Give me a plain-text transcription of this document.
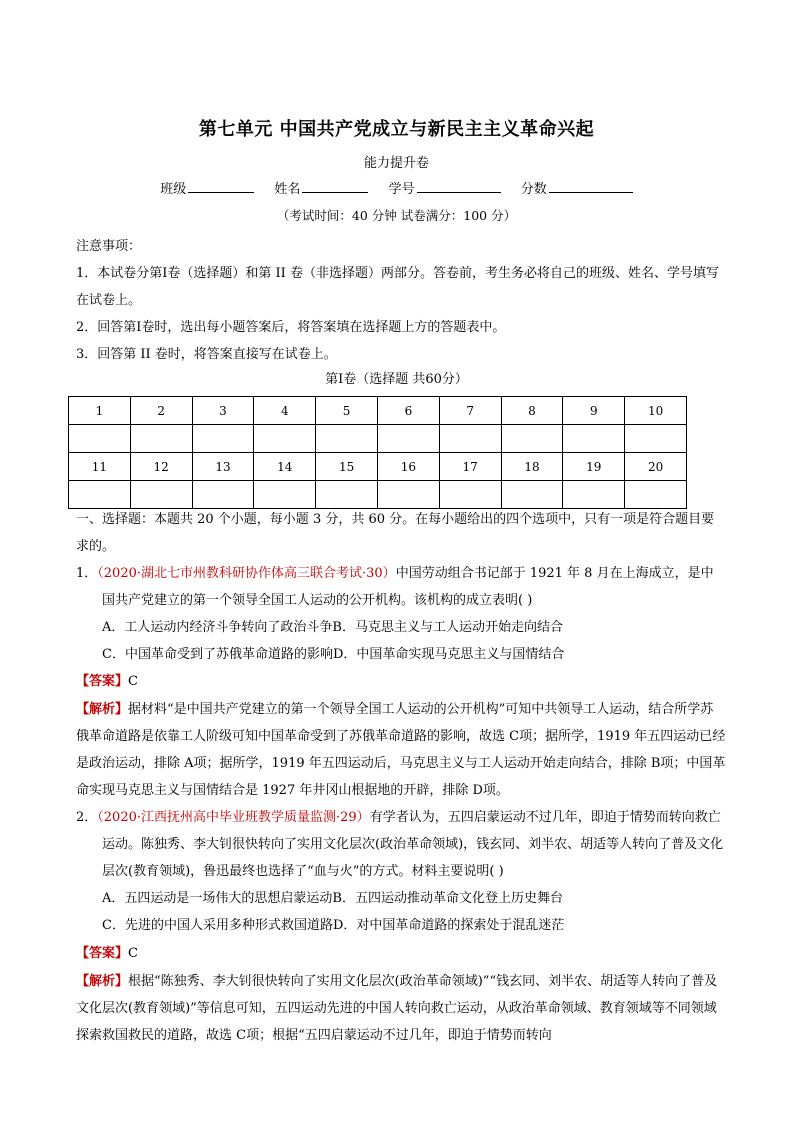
第七单元 中国共产党成立与新民主主义革命兴起
能力提升卷
班级	姓名	学号	分数
（考试时间：40 分钟 试卷满分：100 分）
注意事项：
1．本试卷分第Ⅰ卷（选择题）和第 II 卷（非选择题）两部分。答卷前，考生务必将自己的班级、姓名、学号填写在试卷上。
2．回答第Ⅰ卷时，选出每小题答案后，将答案填在选择题上方的答题表中。
3．回答第 II 卷时，将答案直接写在试卷上。
第Ⅰ卷（选择题 共60分）
1	2	3	4	5	6	7	8	9	10

11	12	13	14	15	16	17	18	19	20

一、选择题：本题共 20 个小题，每小题 3 分，共 60 分。在每小题给出的四个选项中，只有一项是符合题目要求的。
1．（2020·湖北七市州教科研协作体高三联合考试·30）中国劳动组合书记部于 1921 年 8 月在上海成立，是中国共产党建立的第一个领导全国工人运动的公开机构。该机构的成立表明( )
A．工人运动内经济斗争转向了政治斗争B．马克思主义与工人运动开始走向结合
C．中国革命受到了苏俄革命道路的影响D．中国革命实现马克思主义与国情结合
【答案】C
【解析】据材料“是中国共产党建立的第一个领导全国工人运动的公开机构”可知中共领导工人运动，结合所学苏俄革命道路是依靠工人阶级可知中国革命受到了苏俄革命道路的影响，故选 C项；据所学，1919 年五四运动已经是政治运动，排除 A项；据所学，1919 年五四运动后，马克思主义与工人运动开始走向结合，排除 B项；中国革命实现马克思主义与国情结合是 1927 年井冈山根据地的开辟，排除 D项。
2．（2020·江西抚州高中毕业班教学质量监测·29）有学者认为，五四启蒙运动不过几年，即迫于情势而转向救亡运动。陈独秀、李大钊很快转向了实用文化层次(政治革命领域)，钱玄同、刘半农、胡适等人转向了普及文化层次(教育领域)，鲁迅最终也选择了“血与火”的方式。材料主要说明( )
A．五四运动是一场伟大的思想启蒙运动B．五四运动推动革命文化登上历史舞台
C．先进的中国人采用多种形式救国道路D．对中国革命道路的探索处于混乱迷茫
【答案】C
【解析】根据“陈独秀、李大钊很快转向了实用文化层次(政治革命领域)”“钱玄同、刘半农、胡适等人转向了普及文化层次(教育领域)”等信息可知，五四运动先进的中国人转向救亡运动，从政治革命领域、教育领域等不同领域探索救国救民的道路，故选 C项；根据“五四启蒙运动不过几年，即迫于情势而转向
